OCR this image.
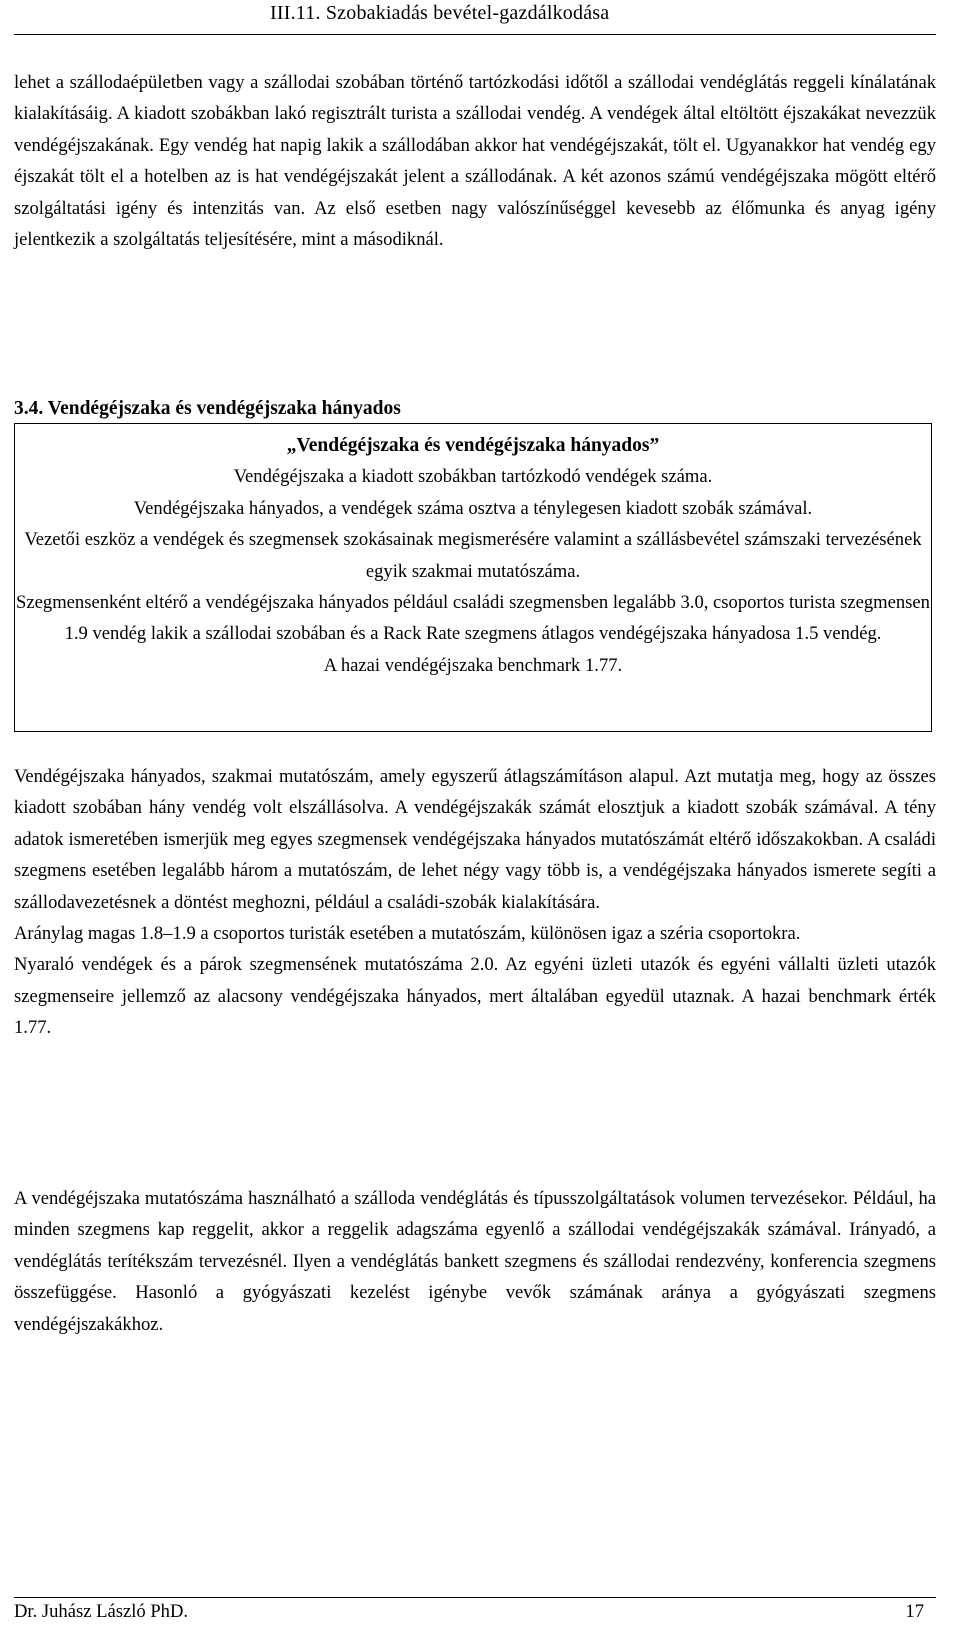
III.11. Szobakiadás bevétel-gazdálkodása

lehet a szállodaépületben vagy a szállodai szobában történő tartózkodási időtől a szállodai vendéglátás reggeli kínálatának kialakításáig. A kiadott szobákban lakó regisztrált turista a szállodai vendég. A vendégek által eltöltött éjszakákat nevezzük vendégéjszakának. Egy vendég hat napig lakik a szállodában akkor hat vendégéjszakát, tölt el. Ugyanakkor hat vendég egy éjszakát tölt el a hotelben az is hat vendégéjszakát jelent a szállodának. A két azonos számú vendégéjszaka mögött eltérő szolgáltatási igény és intenzitás van. Az első esetben nagy valószínűséggel kevesebb az élőmunka és anyag igény jelentkezik a szolgáltatás teljesítésére, mint a másodiknál.

3.4. Vendégéjszaka és vendégéjszaka hányados

„Vendégéjszaka és vendégéjszaka hányados”

Vendégéjszaka a kiadott szobákban tartózkodó vendégek száma.

Vendégéjszaka hányados, a vendégek száma osztva a ténylegesen kiadott szobák számával.

Vezetői eszköz a vendégek és szegmensek szokásainak megismerésére valamint a szállásbevétel számszaki tervezésének egyik szakmai mutatószáma.

Szegmensenként eltérő a vendégéjszaka hányados például családi szegmensben legalább 3.0, csoportos turista szegmensen 1.9 vendég lakik a szállodai szobában és a Rack Rate szegmens átlagos vendégéjszaka hányadosa 1.5 vendég.

A hazai vendégéjszaka benchmark 1.77.

Vendégéjszaka hányados, szakmai mutatószám, amely egyszerű átlagszámításon alapul. Azt mutatja meg, hogy az összes kiadott szobában hány vendég volt elszállásolva. A vendégéjszakák számát elosztjuk a kiadott szobák számával. A tény adatok ismeretében ismerjük meg egyes szegmensek vendégéjszaka hányados mutatószámát eltérő időszakokban. A családi szegmens esetében legalább három a mutatószám, de lehet négy vagy több is, a vendégéjszaka hányados ismerete segíti a szállodavezetésnek a döntést meghozni, például a családi-szobák kialakítására.

Aránylag magas 1.8–1.9 a csoportos turisták esetében a mutatószám, különösen igaz a széria csoportokra.

Nyaraló vendégek és a párok szegmensének mutatószáma 2.0. Az egyéni üzleti utazók és egyéni vállalti üzleti utazók szegmenseire jellemző az alacsony vendégéjszaka hányados, mert általában egyedül utaznak. A hazai benchmark érték 1.77.

A vendégéjszaka mutatószáma használható a szálloda vendéglátás és típusszolgáltatások volumen tervezésekor. Például, ha minden szegmens kap reggelit, akkor a reggelik adagszáma egyenlő a szállodai vendégéjszakák számával. Irányadó, a vendéglátás terítékszám tervezésnél. Ilyen a vendéglátás bankett szegmens és szállodai rendezvény, konferencia szegmens összefüggése. Hasonló a gyógyászati kezelést igénybe vevők számának aránya a gyógyászati szegmens vendégéjszakákhoz.

Dr. Juhász László PhD.	17
